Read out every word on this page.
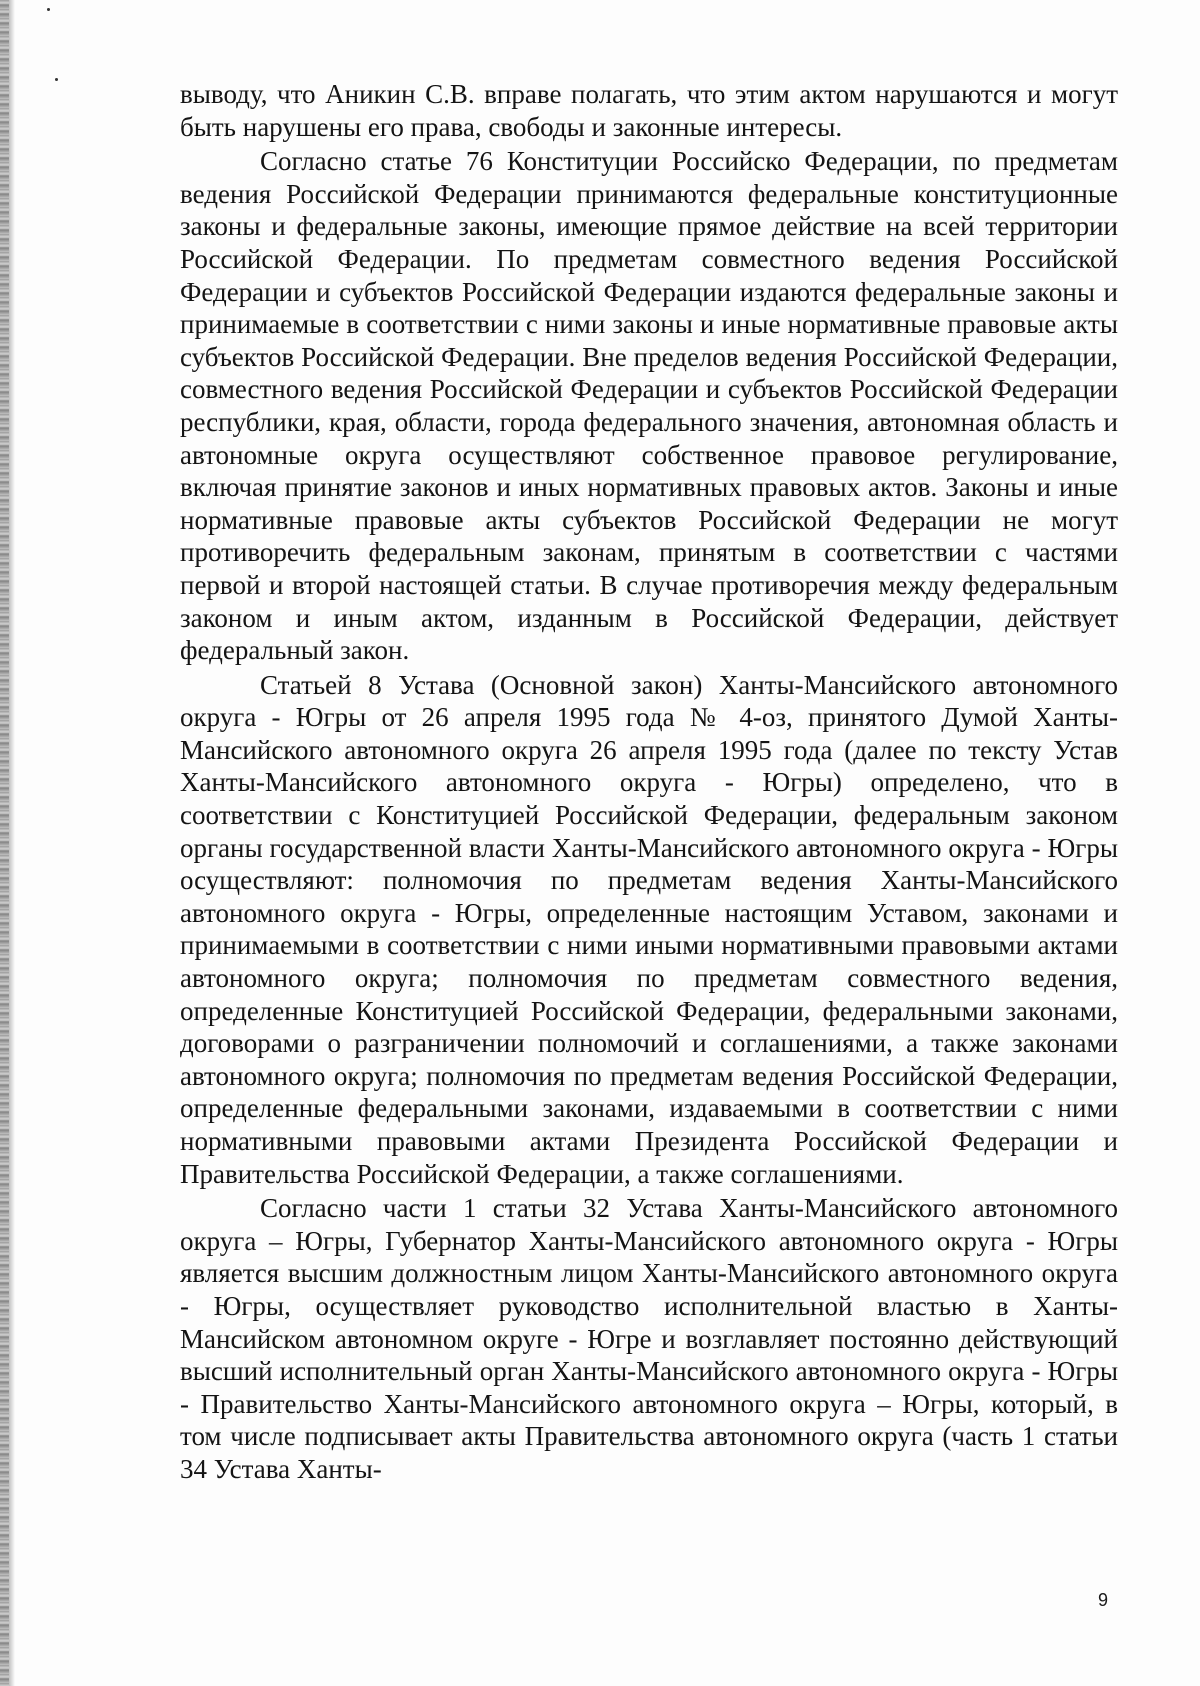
выводу, что Аникин С.В. вправе полагать, что этим актом нарушаются и могут быть нарушены его права, свободы и законные интересы.

Согласно статье 76 Конституции Российско Федерации, по предметам ведения Российской Федерации принимаются федеральные конституционные законы и федеральные законы, имеющие прямое действие на всей территории Российской Федерации. По предметам совместного ведения Российской Федерации и субъектов Российской Федерации издаются федеральные законы и принимаемые в соответствии с ними законы и иные нормативные правовые акты субъектов Российской Федерации. Вне пределов ведения Российской Федерации, совместного ведения Российской Федерации и субъектов Российской Федерации республики, края, области, города федерального значения, автономная область и автономные округа осуществляют собственное правовое регулирование, включая принятие законов и иных нормативных правовых актов. Законы и иные нормативные правовые акты субъектов Российской Федерации не могут противоречить федеральным законам, принятым в соответствии с частями первой и второй настоящей статьи. В случае противоречия между федеральным законом и иным актом, изданным в Российской Федерации, действует федеральный закон.

Статьей 8 Устава (Основной закон) Ханты-Мансийского автономного округа - Югры от 26 апреля 1995 года № 4-оз, принятого Думой Ханты-Мансийского автономного округа 26 апреля 1995 года (далее по тексту Устав Ханты-Мансийского автономного округа - Югры) определено, что в соответствии с Конституцией Российской Федерации, федеральным законом органы государственной власти Ханты-Мансийского автономного округа - Югры осуществляют: полномочия по предметам ведения Ханты-Мансийского автономного округа - Югры, определенные настоящим Уставом, законами и принимаемыми в соответствии с ними иными нормативными правовыми актами автономного округа; полномочия по предметам совместного ведения, определенные Конституцией Российской Федерации, федеральными законами, договорами о разграничении полномочий и соглашениями, а также законами автономного округа; полномочия по предметам ведения Российской Федерации, определенные федеральными законами, издаваемыми в соответствии с ними нормативными правовыми актами Президента Российской Федерации и Правительства Российской Федерации, а также соглашениями.

Согласно части 1 статьи 32 Устава Ханты-Мансийского автономного округа – Югры, Губернатор Ханты-Мансийского автономного округа - Югры является высшим должностным лицом Ханты-Мансийского автономного округа - Югры, осуществляет руководство исполнительной властью в Ханты-Мансийском автономном округе - Югре и возглавляет постоянно действующий высший исполнительный орган Ханты-Мансийского автономного округа - Югры - Правительство Ханты-Мансийского автономного округа – Югры, который, в том числе подписывает акты Правительства автономного округа (часть 1 статьи 34 Устава Ханты-

9
